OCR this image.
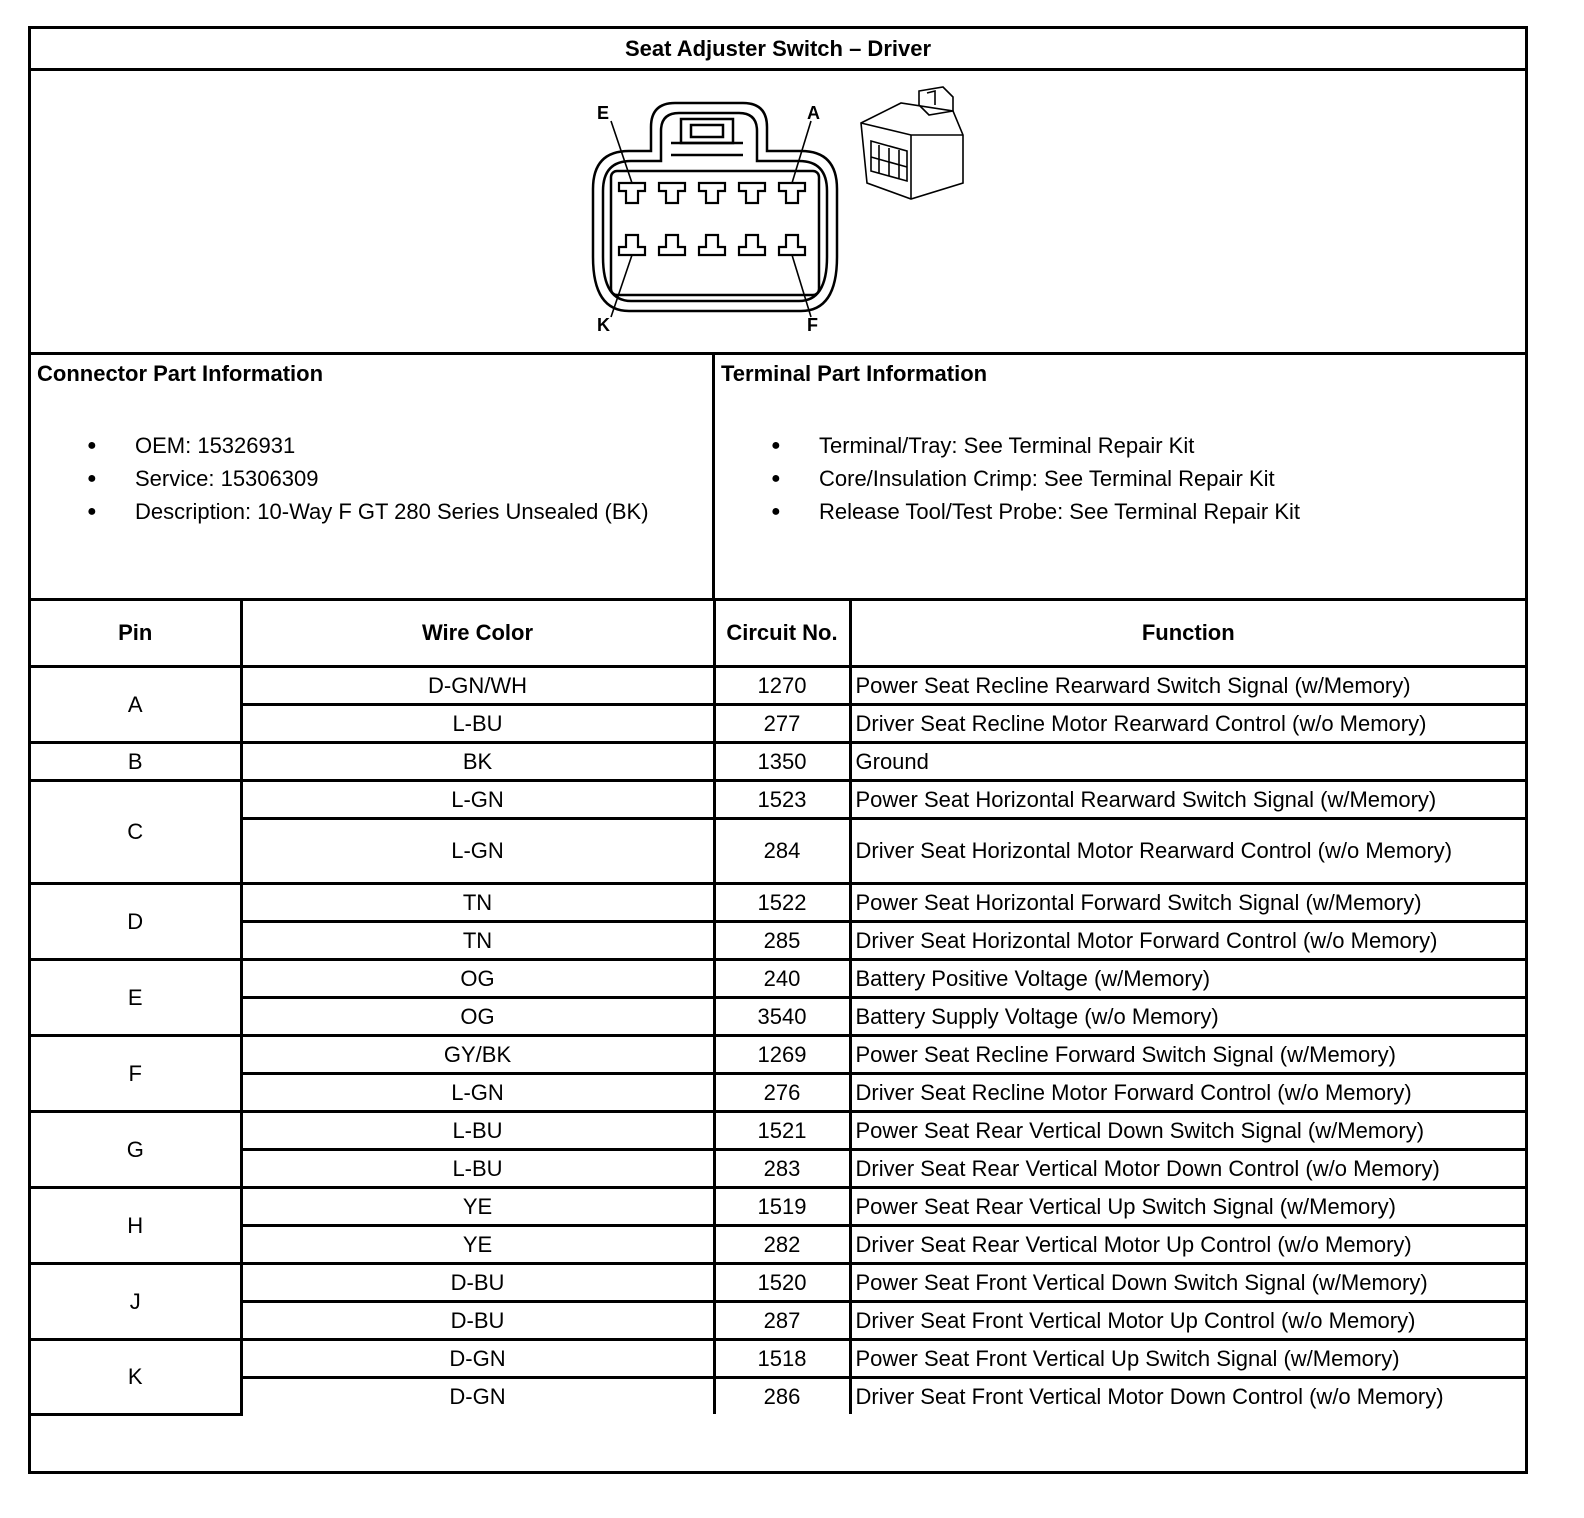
Seat Adjuster Switch – Driver
E	A
K	F
Connector Part Information
● OEM: 15326931
● Service: 15306309
● Description: 10-Way F GT 280 Series Unsealed (BK)
Terminal Part Information
● Terminal/Tray: See Terminal Repair Kit
● Core/Insulation Crimp: See Terminal Repair Kit
● Release Tool/Test Probe: See Terminal Repair Kit
Pin	Wire Color	Circuit No.	Function
A	D-GN/WH	1270	Power Seat Recline Rearward Switch Signal (w/Memory)
	L-BU	277	Driver Seat Recline Motor Rearward Control (w/o Memory)
B	BK	1350	Ground
C	L-GN	1523	Power Seat Horizontal Rearward Switch Signal (w/Memory)
	L-GN	284	Driver Seat Horizontal Motor Rearward Control (w/o Memory)
D	TN	1522	Power Seat Horizontal Forward Switch Signal (w/Memory)
	TN	285	Driver Seat Horizontal Motor Forward Control (w/o Memory)
E	OG	240	Battery Positive Voltage (w/Memory)
	OG	3540	Battery Supply Voltage (w/o Memory)
F	GY/BK	1269	Power Seat Recline Forward Switch Signal (w/Memory)
	L-GN	276	Driver Seat Recline Motor Forward Control (w/o Memory)
G	L-BU	1521	Power Seat Rear Vertical Down Switch Signal (w/Memory)
	L-BU	283	Driver Seat Rear Vertical Motor Down Control (w/o Memory)
H	YE	1519	Power Seat Rear Vertical Up Switch Signal (w/Memory)
	YE	282	Driver Seat Rear Vertical Motor Up Control (w/o Memory)
J	D-BU	1520	Power Seat Front Vertical Down Switch Signal (w/Memory)
	D-BU	287	Driver Seat Front Vertical Motor Up Control (w/o Memory)
K	D-GN	1518	Power Seat Front Vertical Up Switch Signal (w/Memory)
	D-GN	286	Driver Seat Front Vertical Motor Down Control (w/o Memory)
